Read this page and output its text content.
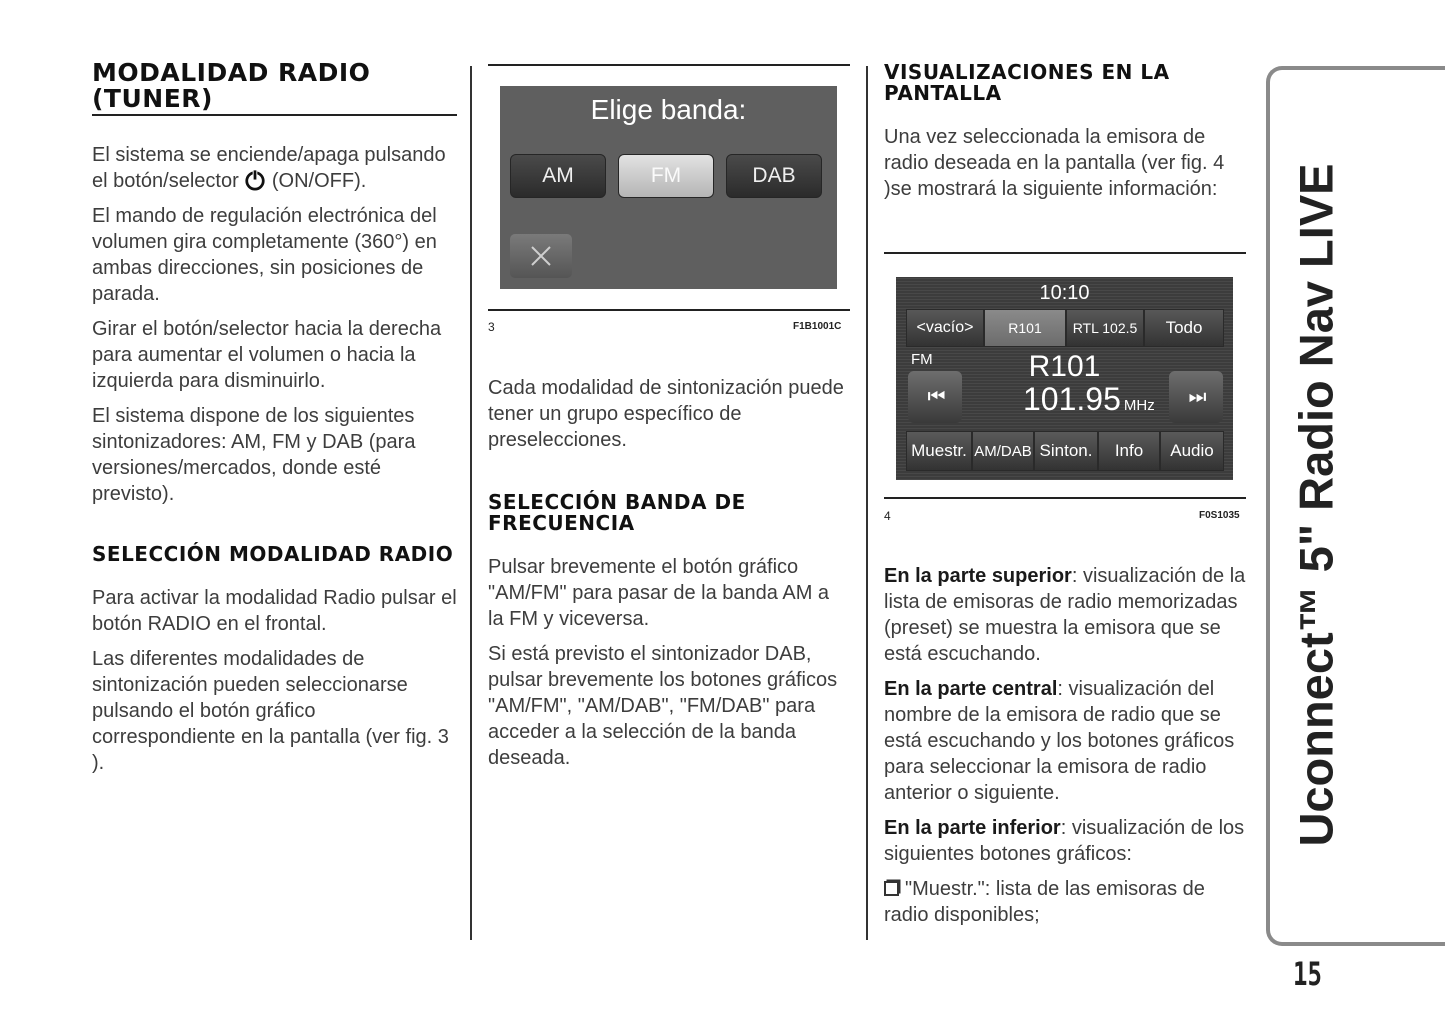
MODALIDAD RADIO (TUNER)

El sistema se enciende/apaga pulsando el botón/selector (ON/OFF).

El mando de regulación electrónica del volumen gira completamente (360°) en ambas direcciones, sin posiciones de parada.

Girar el botón/selector hacia la derecha para aumentar el volumen o hacia la izquierda para disminuirlo.

El sistema dispone de los siguientes sintonizadores: AM, FM y DAB (para versiones/mercados, donde esté previsto).

SELECCIÓN MODALIDAD RADIO

Para activar la modalidad Radio pulsar el botón RADIO en el frontal.

Las diferentes modalidades de sintonización pueden seleccionarse pulsando el botón gráfico correspondiente en la pantalla (ver fig. 3 ).

Elige banda:
AM	FM	DAB
3	F1B1001C

Cada modalidad de sintonización puede tener un grupo específico de preselecciones.

SELECCIÓN BANDA DE FRECUENCIA

Pulsar brevemente el botón gráfico "AM/FM" para pasar de la banda AM a la FM y viceversa.

Si está previsto el sintonizador DAB, pulsar brevemente los botones gráficos "AM/FM", "AM/DAB", "FM/DAB" para acceder a la selección de la banda deseada.

VISUALIZACIONES EN LA PANTALLA

Una vez seleccionada la emisora de radio deseada en la pantalla (ver fig. 4 )se mostrará la siguiente información:

10:10
<vacío>	R101	RTL 102.5	Todo
FM
⏮
R101
101.95 MHz ⏭
Muestr. AM/DAB Sinton.	Info	Audio
4	F0S1035

En la parte superior: visualización de la lista de emisoras de radio memorizadas (preset) se muestra la emisora que se está escuchando.

En la parte central: visualización del nombre de la emisora de radio que se está escuchando y los botones gráficos para seleccionar la emisora de radio anterior o siguiente.

En la parte inferior: visualización de los siguientes botones gráficos:

"Muestr.": lista de las emisoras de radio disponibles;

Uconnect™ 5" Radio Nav LIVE
15
